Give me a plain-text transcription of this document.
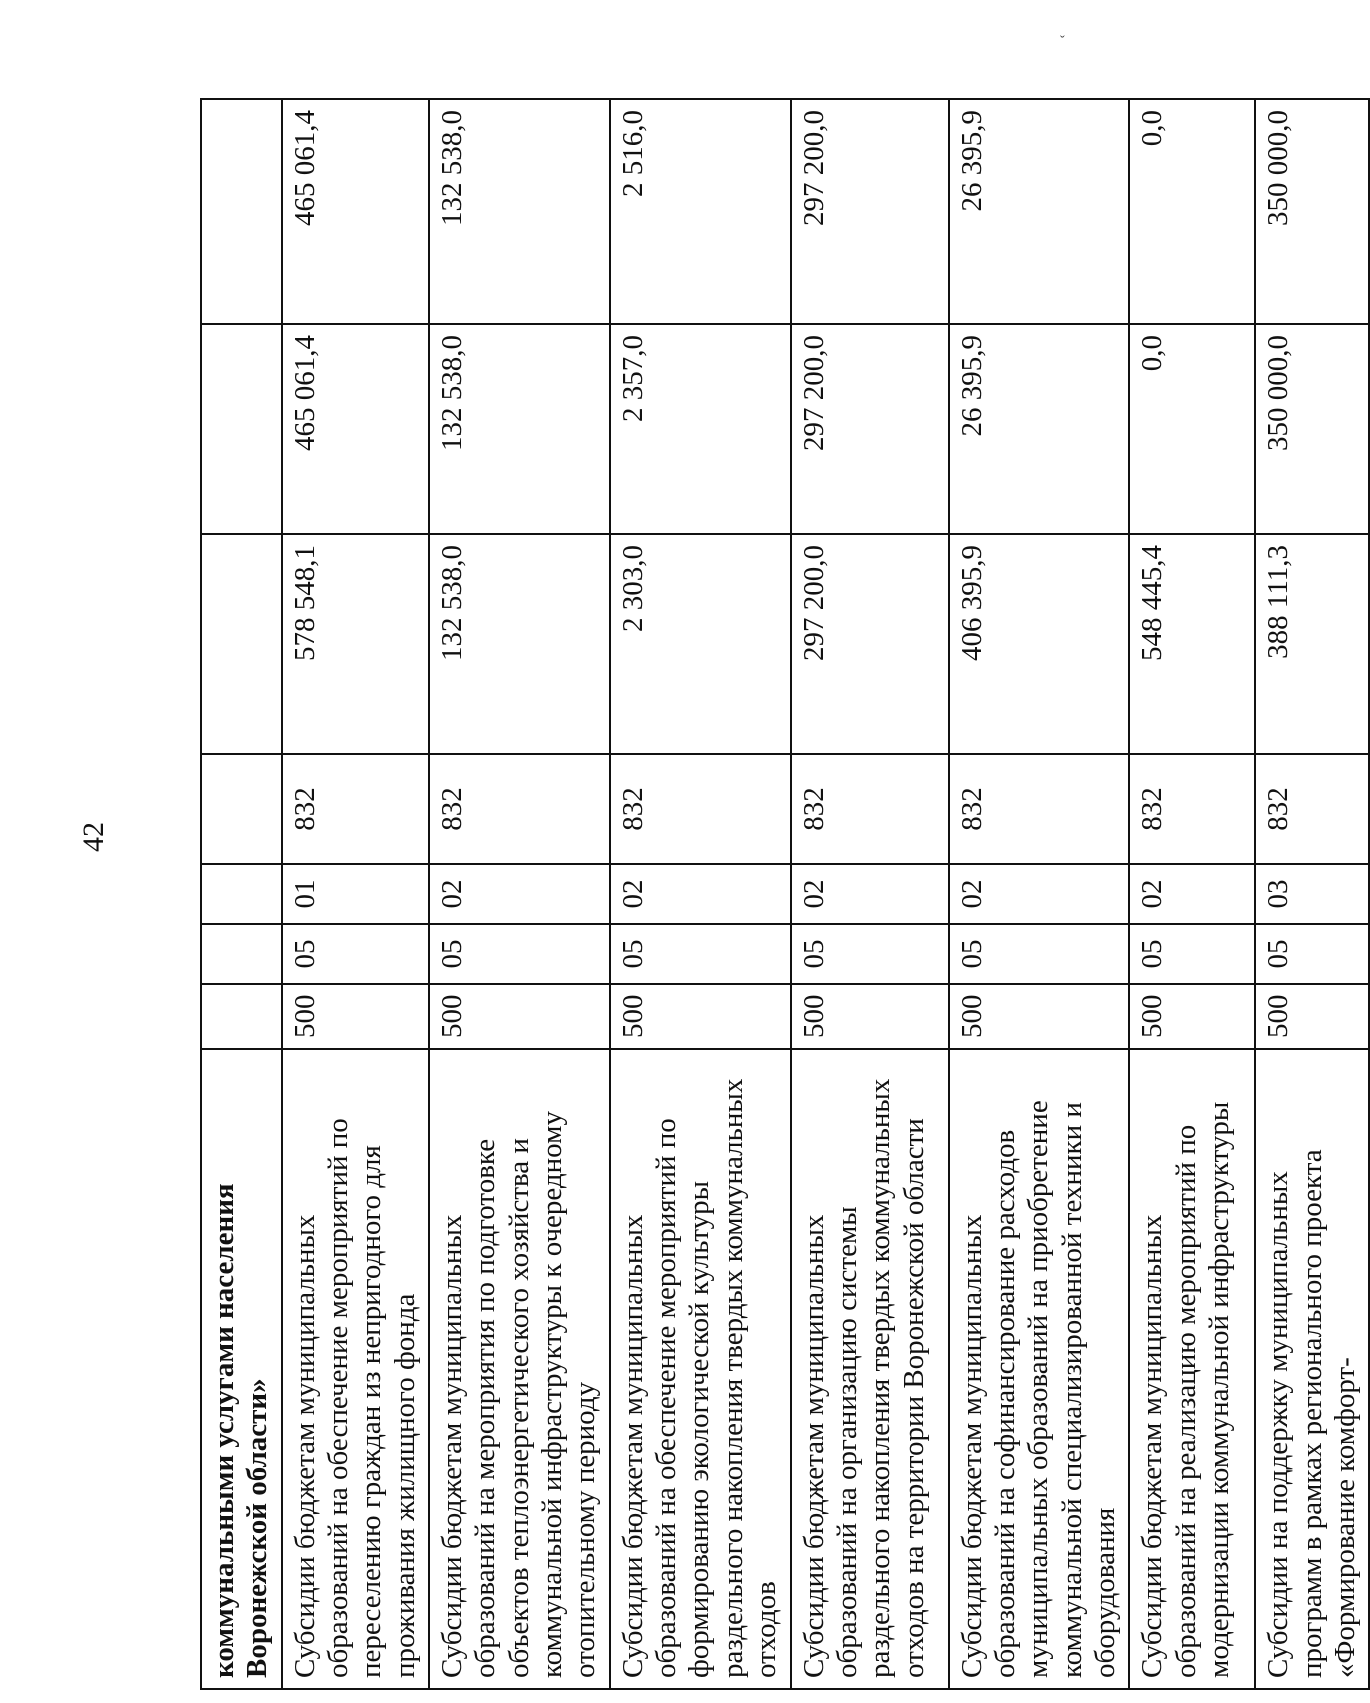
42
ˇ
коммунальными услугами населения Воронежской области»							
Субсидии бюджетам муниципальных образований на обеспечение мероприятий по переселению граждан из непригодного для проживания жилищного фонда	500	05	01	832	578 548,1	465 061,4	465 061,4
Субсидии бюджетам муниципальных образований на мероприятия по подготовке объектов теплоэнергетического хозяйства и коммунальной инфраструктуры к очередному отопительному периоду	500	05	02	832	132 538,0	132 538,0	132 538,0
Субсидии бюджетам муниципальных образований на обеспечение мероприятий по формированию экологической культуры раздельного накопления твердых коммунальных отходов	500	05	02	832	2 303,0	2 357,0	2 516,0
Субсидии бюджетам муниципальных образований на организацию системы раздельного накопления твердых коммунальных отходов на территории Воронежской области	500	05	02	832	297 200,0	297 200,0	297 200,0
Субсидии бюджетам муниципальных образований на софинансирование расходов муниципальных образований на приобретение коммунальной специализированной техники и оборудования	500	05	02	832	406 395,9	26 395,9	26 395,9
Субсидии бюджетам муниципальных образований на реализацию мероприятий по модернизации коммунальной инфраструктуры	500	05	02	832	548 445,4	0,0	0,0
Субсидии на поддержку муниципальных программ в рамках регионального проекта «Формирование комфорт-	500	05	03	832	388 111,3	350 000,0	350 000,0
